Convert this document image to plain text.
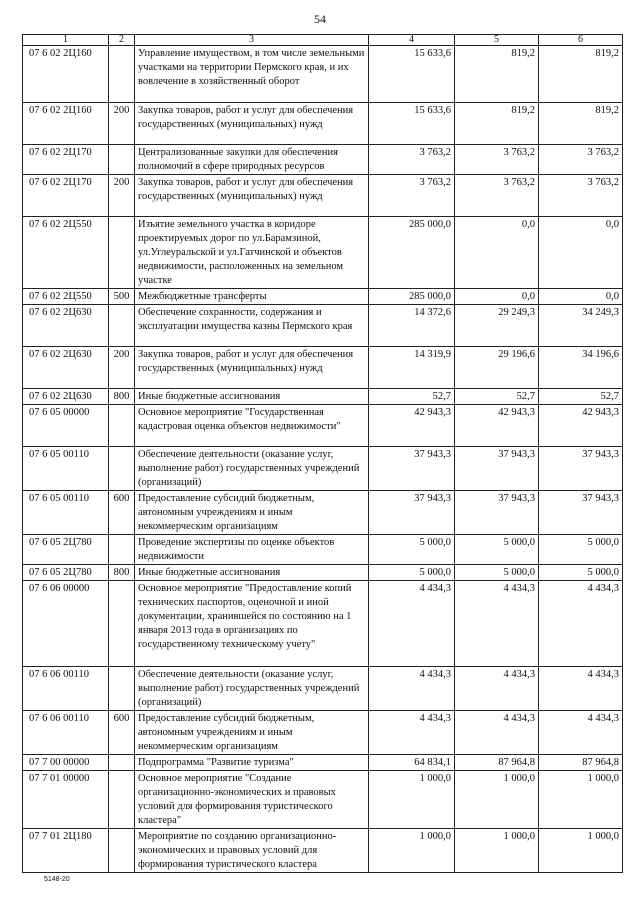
54
1	2	3	4	5	6
07 6 02 2Ц160		Управление имуществом, в том числе земельными участками на территории Пермского края, и их вовлечение в хозяйственный оборот	15 633,6	819,2	819,2
07 6 02 2Ц160	200	Закупка товаров, работ и услуг для обеспечения государственных (муниципальных) нужд	15 633,6	819,2	819,2
07 6 02 2Ц170		Централизованные закупки для обеспечения полномочий в сфере природных ресурсов	3 763,2	3 763,2	3 763,2
07 6 02 2Ц170	200	Закупка товаров, работ и услуг для обеспечения государственных (муниципальных) нужд	3 763,2	3 763,2	3 763,2
07 6 02 2Ц550		Изъятие земельного участка в коридоре проектируемых дорог по ул.Барамзиной, ул.Углеуральской и ул.Гатчинской и объектов недвижимости, расположенных на земельном участке	285 000,0	0,0	0,0
07 6 02 2Ц550	500	Межбюджетные трансферты	285 000,0	0,0	0,0
07 6 02 2Ц630		Обеспечение сохранности, содержания и эксплуатации имущества казны Пермского края	14 372,6	29 249,3	34 249,3
07 6 02 2Ц630	200	Закупка товаров, работ и услуг для обеспечения государственных (муниципальных) нужд	14 319,9	29 196,6	34 196,6
07 6 02 2Ц630	800	Иные бюджетные ассигнования	52,7	52,7	52,7
07 6 05 00000		Основное мероприятие "Государственная кадастровая оценка объектов недвижимости"	42 943,3	42 943,3	42 943,3
07 6 05 00110		Обеспечение деятельности (оказание услуг, выполнение работ) государственных учреждений (организаций)	37 943,3	37 943,3	37 943,3
07 6 05 00110	600	Предоставление субсидий бюджетным, автономным учреждениям и иным некоммерческим организациям	37 943,3	37 943,3	37 943,3
07 6 05 2Ц780		Проведение экспертизы по оценке объектов недвижимости	5 000,0	5 000,0	5 000,0
07 6 05 2Ц780	800	Иные бюджетные ассигнования	5 000,0	5 000,0	5 000,0
07 6 06 00000		Основное мероприятие "Предоставление копий технических паспортов, оценочной и иной документации, хранившейся по состоянию на 1 января 2013 года в организациях по государственному техническому учету"	4 434,3	4 434,3	4 434,3
07 6 06 00110		Обеспечение деятельности (оказание услуг, выполнение работ) государственных учреждений (организаций)	4 434,3	4 434,3	4 434,3
07 6 06 00110	600	Предоставление субсидий бюджетным, автономным учреждениям и иным некоммерческим организациям	4 434,3	4 434,3	4 434,3
07 7 00 00000		Подпрограмма "Развитие туризма"	64 834,1	87 964,8	87 964,8
07 7 01 00000		Основное мероприятие "Создание организационно-экономических и правовых условий для формирования туристического кластера"	1 000,0	1 000,0	1 000,0
07 7 01 2Ц180		Мероприятие по созданию организационно-экономических и правовых условий для формирования туристического кластера	1 000,0	1 000,0	1 000,0
5148-20
